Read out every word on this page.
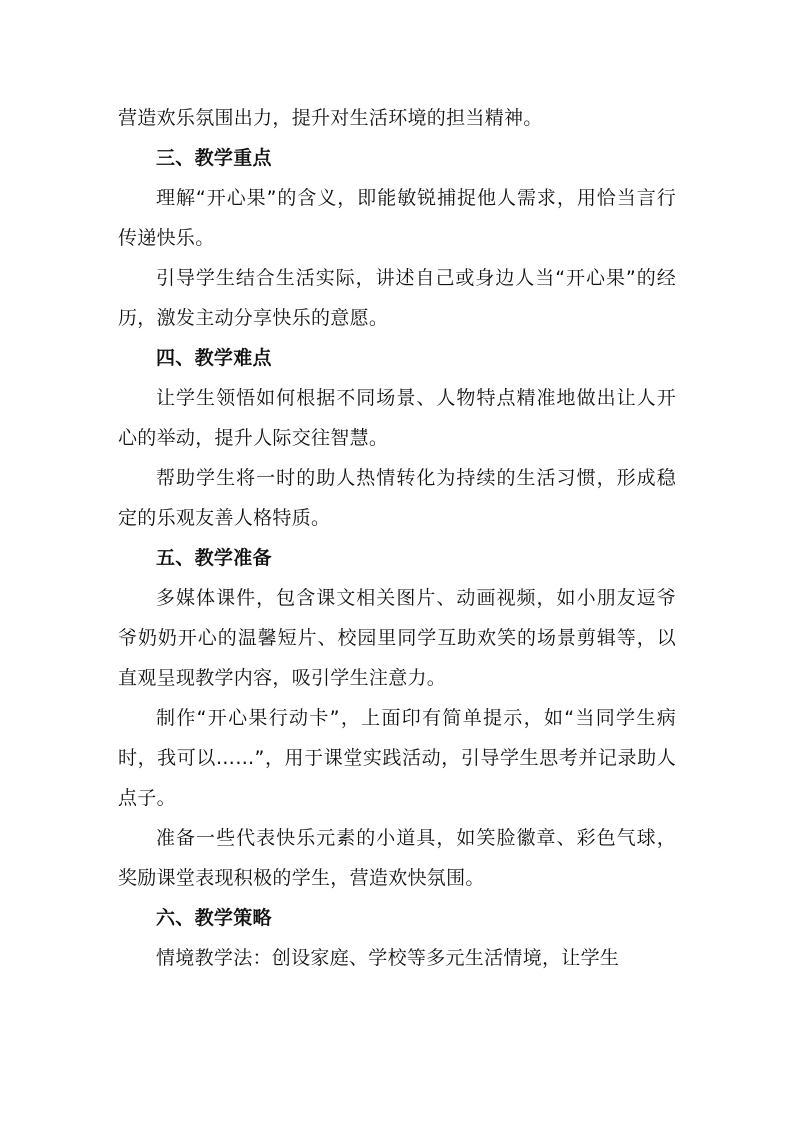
营造欢乐氛围出力，提升对生活环境的担当精神。

三、教学重点

理解“开心果”的含义，即能敏锐捕捉他人需求，用恰当言行传递快乐。

引导学生结合生活实际，讲述自己或身边人当“开心果”的经历，激发主动分享快乐的意愿。

四、教学难点

让学生领悟如何根据不同场景、人物特点精准地做出让人开心的举动，提升人际交往智慧。

帮助学生将一时的助人热情转化为持续的生活习惯，形成稳定的乐观友善人格特质。

五、教学准备

多媒体课件，包含课文相关图片、动画视频，如小朋友逗爷爷奶奶开心的温馨短片、校园里同学互助欢笑的场景剪辑等，以直观呈现教学内容，吸引学生注意力。

制作“开心果行动卡”，上面印有简单提示，如“当同学生病时，我可以……”，用于课堂实践活动，引导学生思考并记录助人点子。

准备一些代表快乐元素的小道具，如笑脸徽章、彩色气球，奖励课堂表现积极的学生，营造欢快氛围。

六、教学策略

情境教学法：创设家庭、学校等多元生活情境，让学生
